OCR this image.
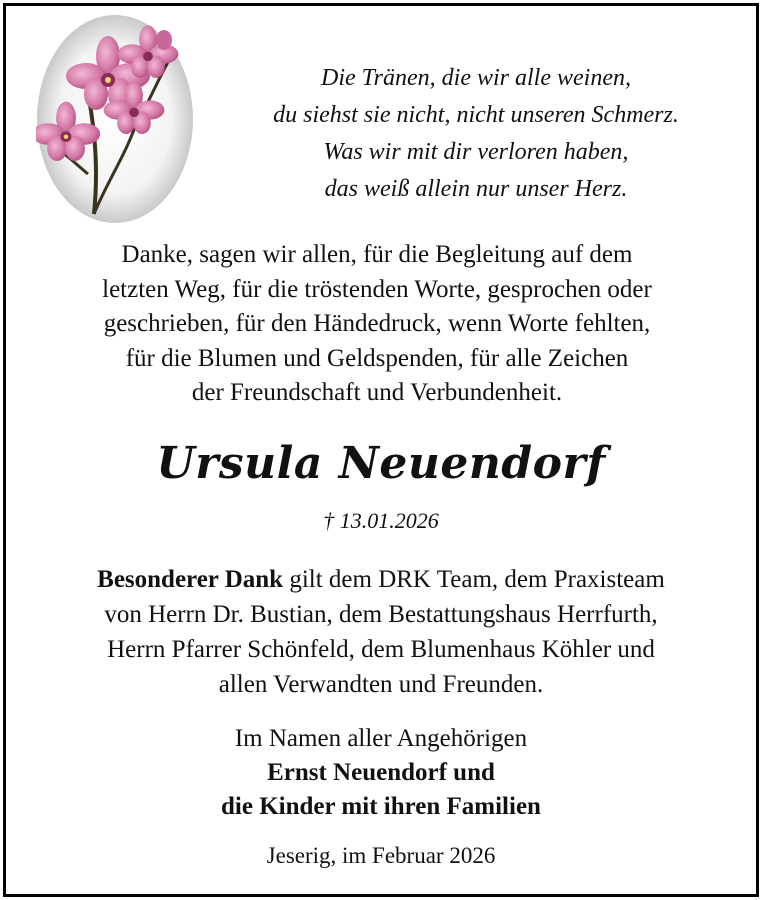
Die Tränen, die wir alle weinen,
du siehst sie nicht, nicht unseren Schmerz.
Was wir mit dir verloren haben,
das weiß allein nur unser Herz.
Danke, sagen wir allen, für die Begleitung auf dem
letzten Weg, für die tröstenden Worte, gesprochen oder
geschrieben, für den Händedruck, wenn Worte fehlten,
für die Blumen und Geldspenden, für alle Zeichen
der Freundschaft und Verbundenheit.
Ursula Neuendorf
† 13.01.2026
Besonderer Dank gilt dem DRK Team, dem Praxisteam
von Herrn Dr. Bustian, dem Bestattungshaus Herrfurth,
Herrn Pfarrer Schönfeld, dem Blumenhaus Köhler und
allen Verwandten und Freunden.
Im Namen aller Angehörigen
Ernst Neuendorf und
die Kinder mit ihren Familien
Jeserig, im Februar 2026
